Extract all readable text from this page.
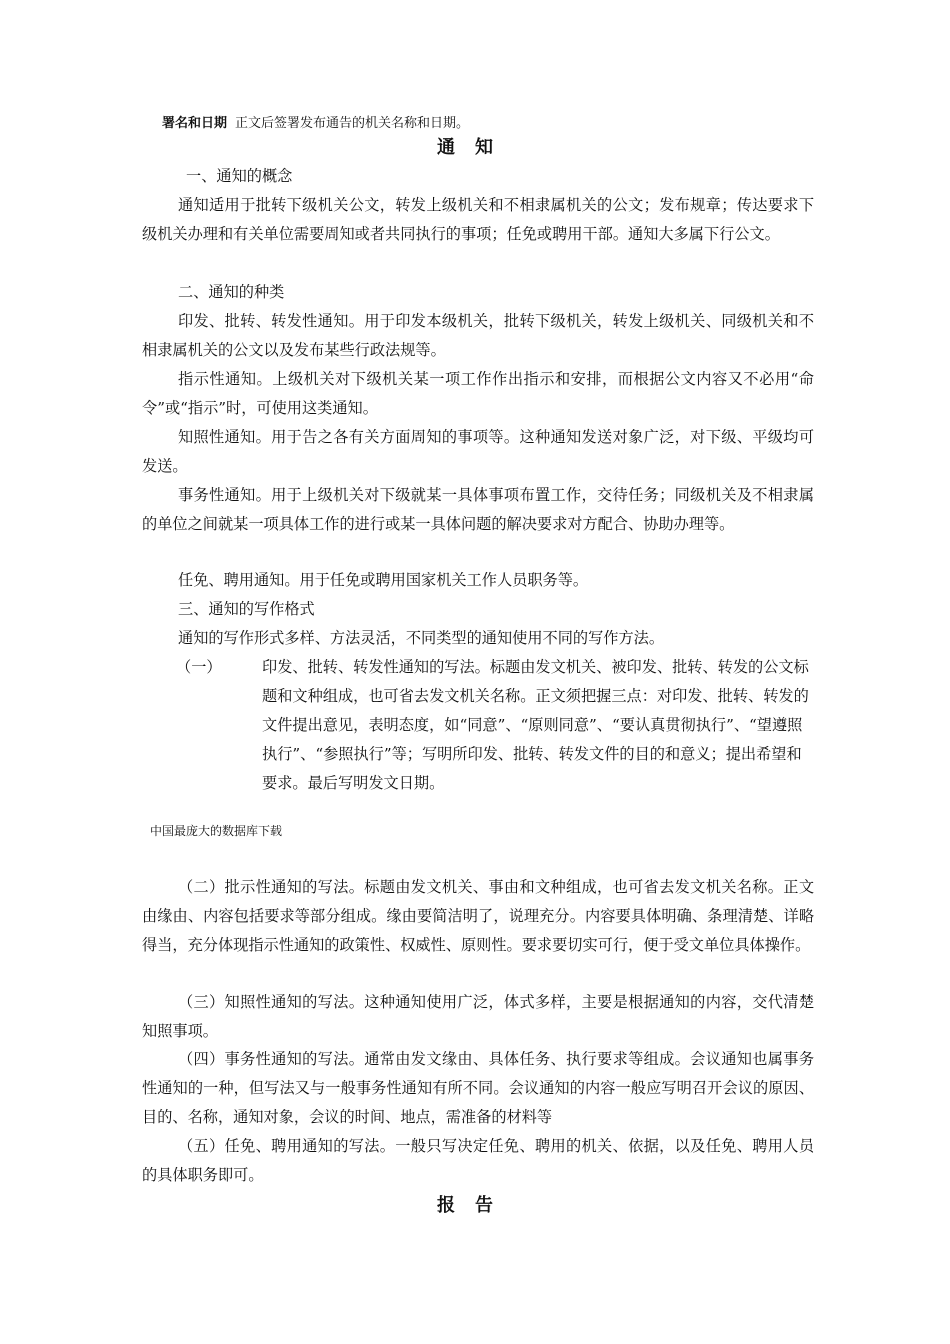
署名和日期 正文后签署发布通告的机关名称和日期。
通知
一、通知的概念

通知适用于批转下级机关公文，转发上级机关和不相隶属机关的公文；发布规章；传达要求下级机关办理和有关单位需要周知或者共同执行的事项；任免或聘用干部。通知大多属下行公文。

二、通知的种类

印发、批转、转发性通知。用于印发本级机关，批转下级机关，转发上级机关、同级机关和不相隶属机关的公文以及发布某些行政法规等。

指示性通知。上级机关对下级机关某一项工作作出指示和安排，而根据公文内容又不必用“命令”或“指示”时，可使用这类通知。

知照性通知。用于告之各有关方面周知的事项等。这种通知发送对象广泛，对下级、平级均可发送。

事务性通知。用于上级机关对下级就某一具体事项布置工作，交待任务；同级机关及不相隶属的单位之间就某一项具体工作的进行或某一具体问题的解决要求对方配合、协助办理等。

任免、聘用通知。用于任免或聘用国家机关工作人员职务等。

三、通知的写作格式

通知的写作形式多样、方法灵活，不同类型的通知使用不同的写作方法。

（一）	印发、批转、转发性通知的写法。标题由发文机关、被印发、批转、转发的公文标题和文种组成，也可省去发文机关名称。正文须把握三点：对印发、批转、转发的文件提出意见，表明态度，如“同意”、“原则同意”、“要认真贯彻执行”、“望遵照执行”、“参照执行”等；写明所印发、批转、转发文件的目的和意义；提出希望和要求。最后写明发文日期。

中国最庞大的数据库下载

（二）批示性通知的写法。标题由发文机关、事由和文种组成，也可省去发文机关名称。正文由缘由、内容包括要求等部分组成。缘由要简洁明了，说理充分。内容要具体明确、条理清楚、详略得当，充分体现指示性通知的政策性、权威性、原则性。要求要切实可行，便于受文单位具体操作。

（三）知照性通知的写法。这种通知使用广泛，体式多样，主要是根据通知的内容，交代清楚知照事项。

（四）事务性通知的写法。通常由发文缘由、具体任务、执行要求等组成。会议通知也属事务性通知的一种，但写法又与一般事务性通知有所不同。会议通知的内容一般应写明召开会议的原因、目的、名称，通知对象，会议的时间、地点，需准备的材料等

（五）任免、聘用通知的写法。一般只写决定任免、聘用的机关、依据，以及任免、聘用人员的具体职务即可。

报告
